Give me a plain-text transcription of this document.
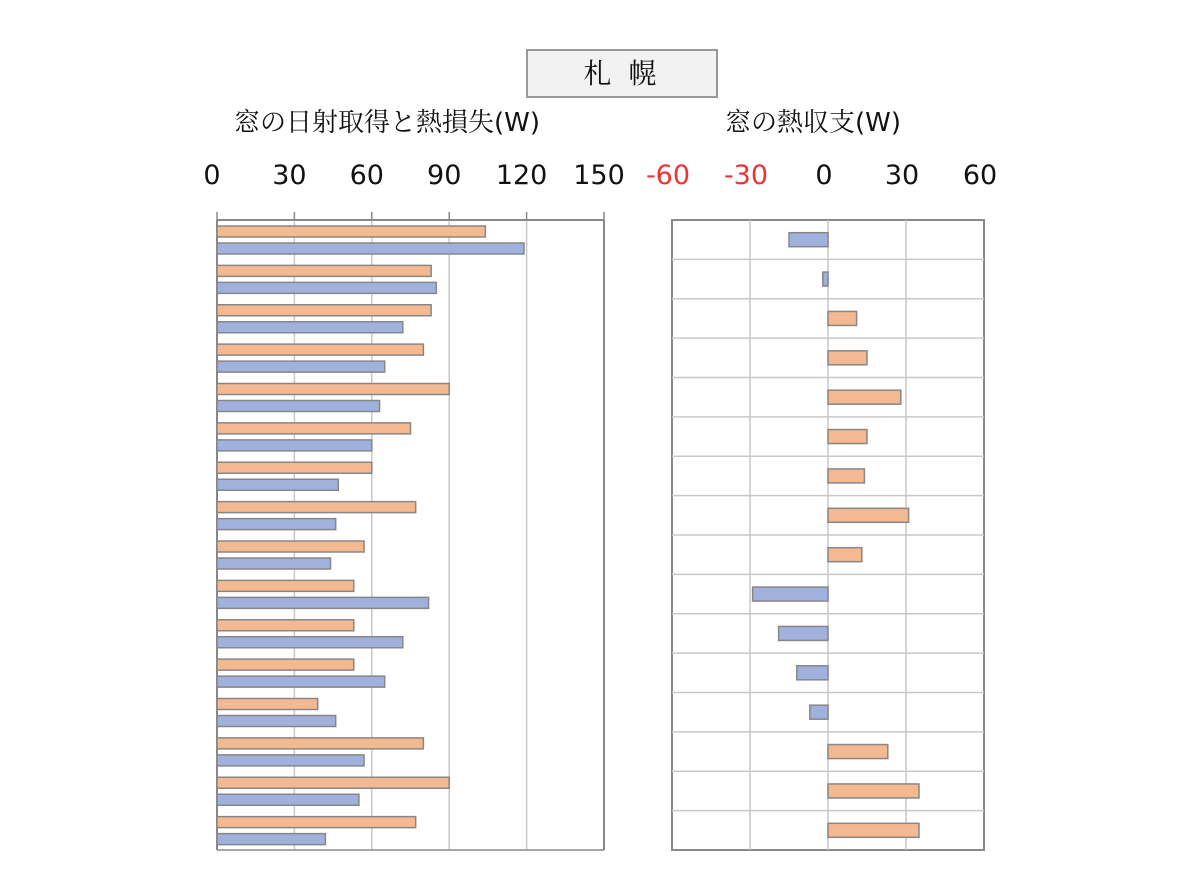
札 幌
窓の日射取得と熱損失(W)	窓の熱収支(W)
0 30 60 90 120 150 -60 -30 0 30 60
